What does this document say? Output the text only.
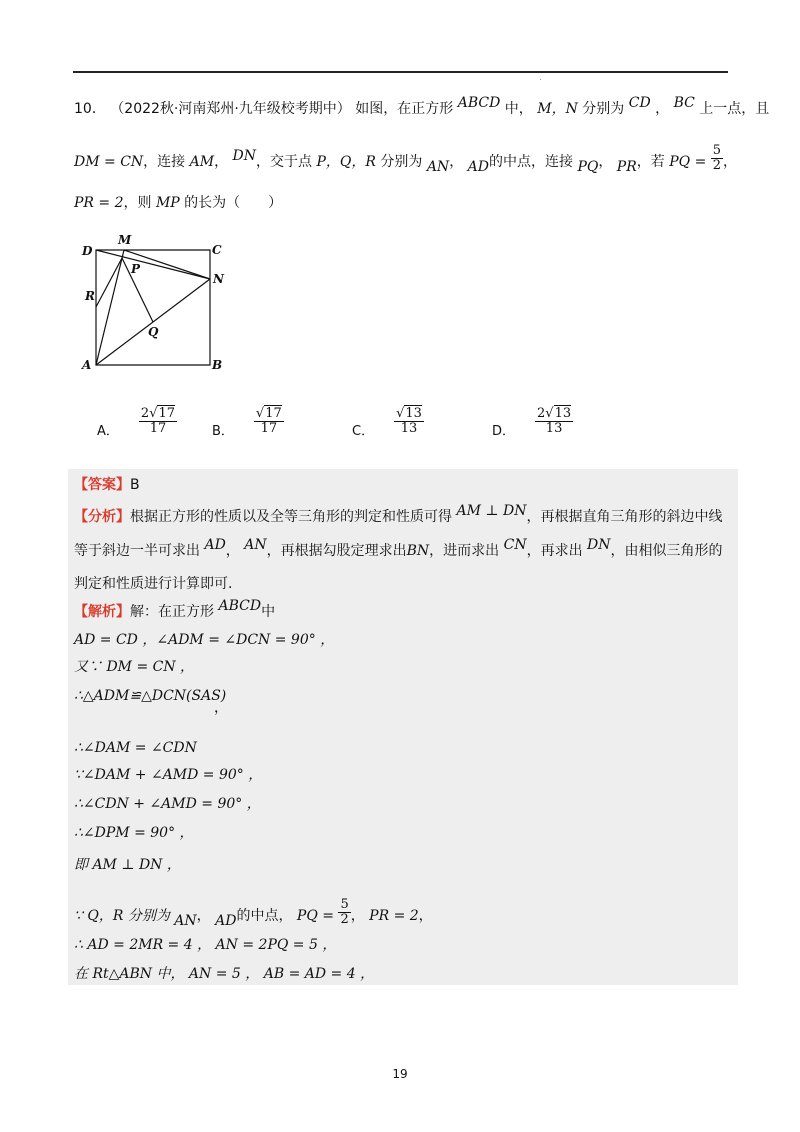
10． （2022秋·河南郑州·九年级校考期中） 如图，在正方形 ABCD 中， M，N 分别为 CD ， BC 上一点，且
DM = CN，连接 AM， DN，交于点 P，Q，R 分别为 AN， AD的中点，连接 PQ， PR，若 PQ = $\frac{5}{2}$ ，
PR = 2，则 MP 的长为（　　）
D
M
C
P
N
R
Q
A	B
A． $\frac{2√17}{17}$	B． $\frac{√17}{17}$	C． $\frac{√13}{13}$	D． $\frac{2√13}{13}$
【答案】B
【分析】根据正方形的性质以及全等三角形的判定和性质可得 AM ⊥ DN，再根据直角三角形的斜边中线
等于斜边一半可求出 AD， AN，再根据勾股定理求出BN，进而求出 CN，再求出 DN，由相似三角形的
判定和性质进行计算即可.
【解析】解：在正方形 ABCD中
AD = CD ，∠ADM = ∠DCN = 90° ，
又∵ DM = CN ，
∴△ADM≌△DCN(SAS)
，
∴∠DAM = ∠CDN
∵∠DAM + ∠AMD = 90° ，
∴∠CDN + ∠AMD = 90° ，
∴∠DPM = 90° ，
即 AM ⊥ DN ，
∵ Q，R 分别为 AN， AD的中点， PQ = $\frac{5}{2}$ ， PR = 2，
∴ AD = 2MR = 4 ， AN = 2PQ = 5 ，
在 Rt△ABN 中， AN = 5 ， AB = AD = 4 ，
19
